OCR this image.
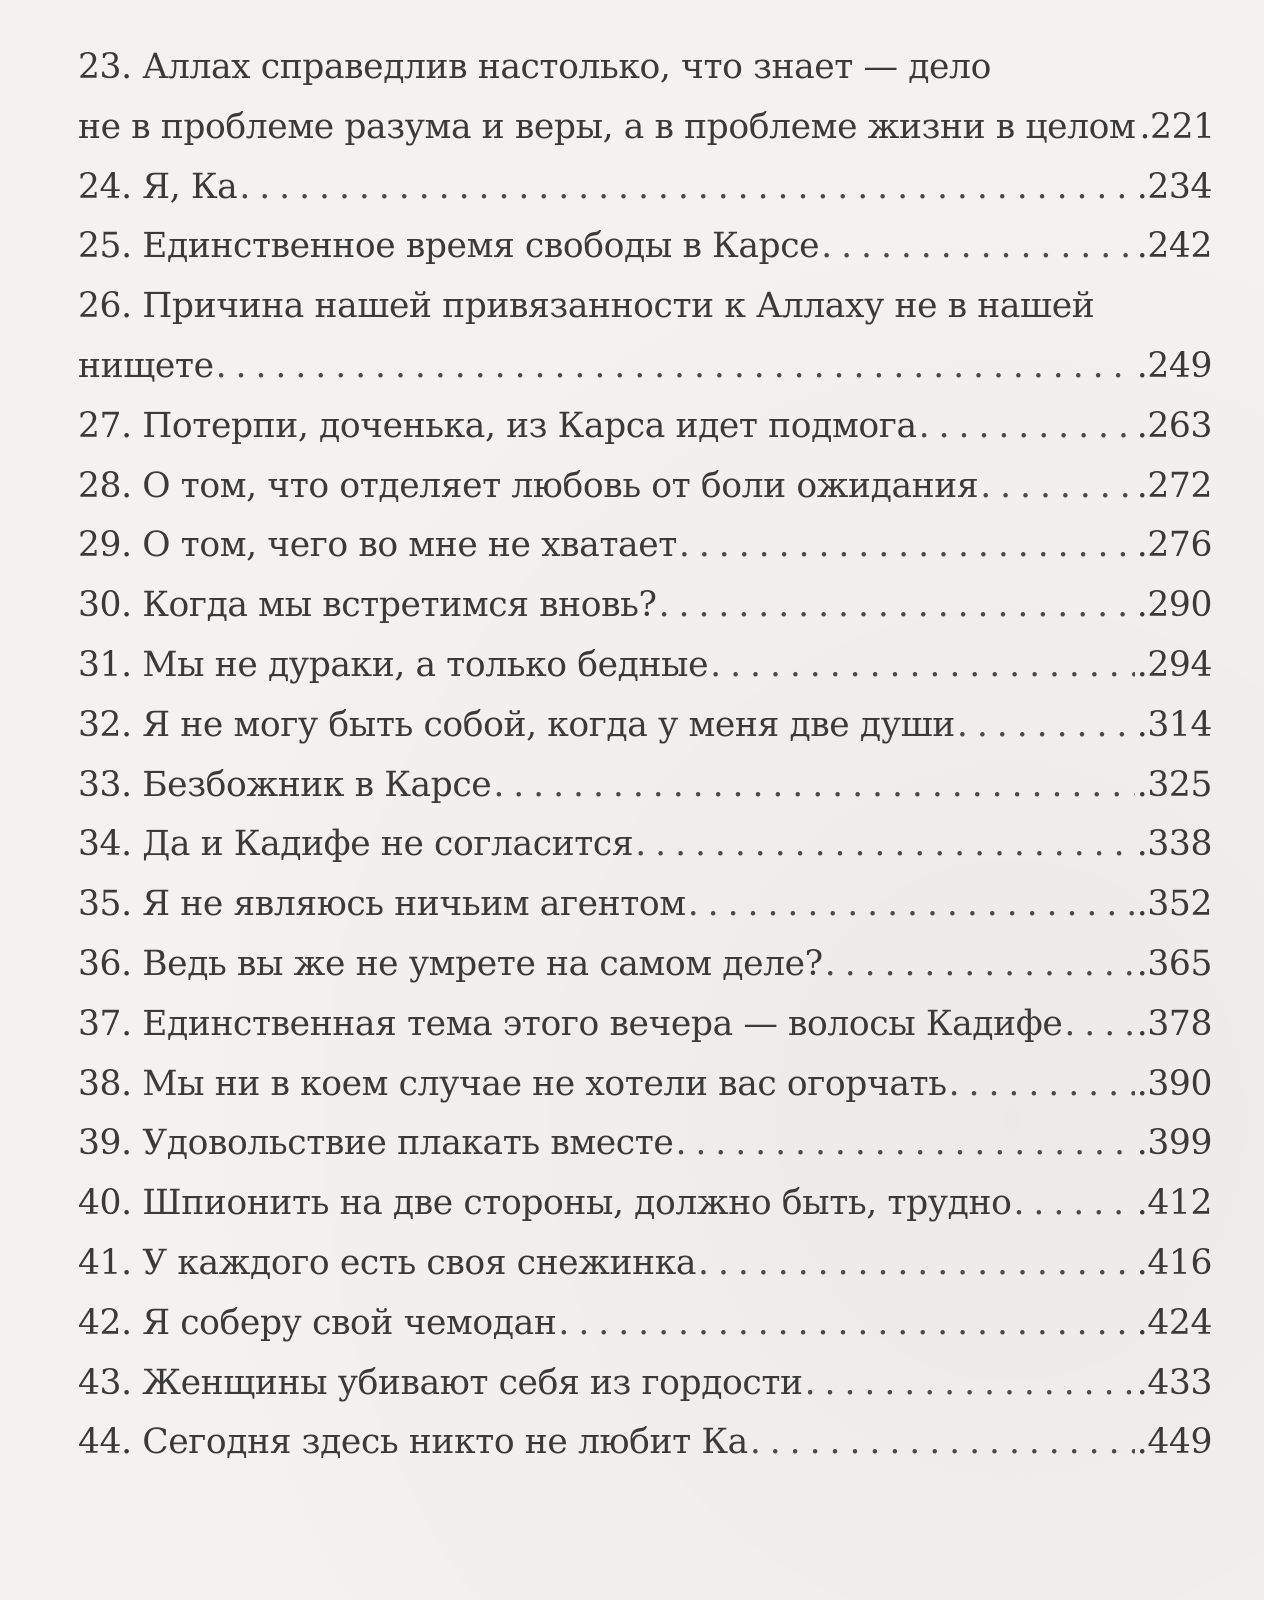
23. Аллах справедлив настолько, что знает — дело
не в проблеме разума и веры, а в проблеме жизни в целом .221
24. Я, Ка . . .	.234
25. Единственное время свободы в Карсе . . .	.242
26. Причина нашей привязанности к Аллаху не в нашей
нищете . . .	.249
27. Потерпи, доченька, из Карса идет подмога . . .	.263
28. О том, что отделяет любовь от боли ожидания . . .	.272
29. О том, чего во мне не хватает . . .	.276
30. Когда мы встретимся вновь? . . .	.290
31. Мы не дураки, а только бедные . . .	.294
32. Я не могу быть собой, когда у меня две души . . .	.314
33. Безбожник в Карсе . . .	.325
34. Да и Кадифе не согласится . . .	.338
35. Я не являюсь ничьим агентом . . .	.352
36. Ведь вы же не умрете на самом деле? . . .	.365
37. Единственная тема этого вечера — волосы Кадифе . . . .378
38. Мы ни в коем случае не хотели вас огорчать . . .	.390
39. Удовольствие плакать вместе . . .	.399
40. Шпионить на две стороны, должно быть, трудно . . .	.412
41. У каждого есть своя снежинка . . .	.416
42. Я соберу свой чемодан . . .	.424
43. Женщины убивают себя из гордости . . .	.433
44. Сегодня здесь никто не любит Ка . . .	.449
